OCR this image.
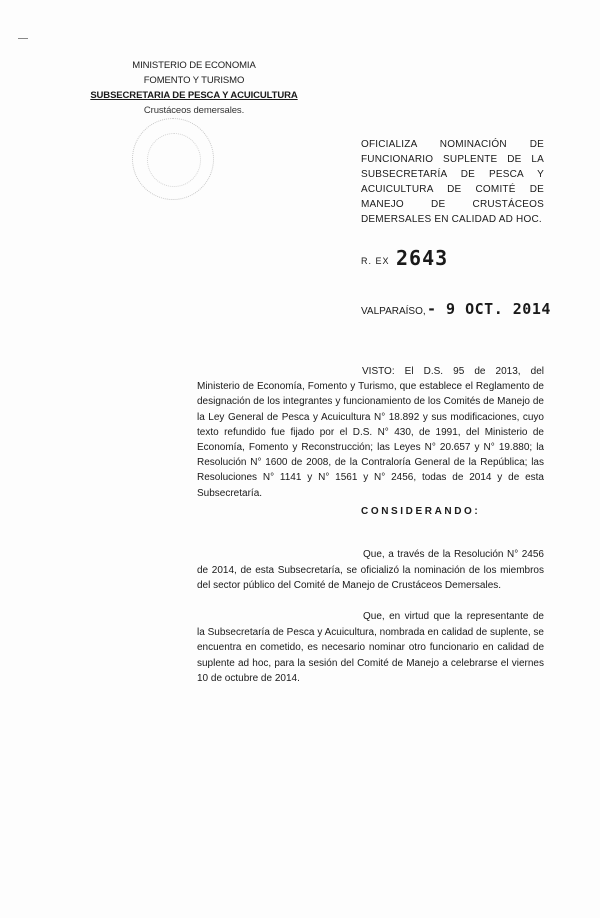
MINISTERIO DE ECONOMIA
FOMENTO Y TURISMO
SUBSECRETARIA DE PESCA Y ACUICULTURA
Crustáceos demersales.
OFICIALIZA NOMINACIÓN DE FUNCIONARIO SUPLENTE DE LA SUBSECRETARÍA DE PESCA Y ACUICULTURA DE COMITÉ DE MANEJO DE CRUSTÁCEOS DEMERSALES EN CALIDAD AD HOC.
R. EX 2643
VALPARAÍSO, - 9 OCT. 2014
VISTO: El D.S. 95 de 2013, del Ministerio de Economía, Fomento y Turismo, que establece el Reglamento de designación de los integrantes y funcionamiento de los Comités de Manejo de la Ley General de Pesca y Acuicultura N° 18.892 y sus modificaciones, cuyo texto refundido fue fijado por el D.S. N° 430, de 1991, del Ministerio de Economía, Fomento y Reconstrucción; las Leyes N° 20.657 y N° 19.880; la Resolución N° 1600 de 2008, de la Contraloría General de la República; las Resoluciones N° 1141 y N° 1561 y N° 2456, todas de 2014 y de esta Subsecretaría.
CONSIDERANDO:
Que, a través de la Resolución N° 2456 de 2014, de esta Subsecretaría, se oficializó la nominación de los miembros del sector público del Comité de Manejo de Crustáceos Demersales.
Que, en virtud que la representante de la Subsecretaría de Pesca y Acuicultura, nombrada en calidad de suplente, se encuentra en cometido, es necesario nominar otro funcionario en calidad de suplente ad hoc, para la sesión del Comité de Manejo a celebrarse el viernes 10 de octubre de 2014.
